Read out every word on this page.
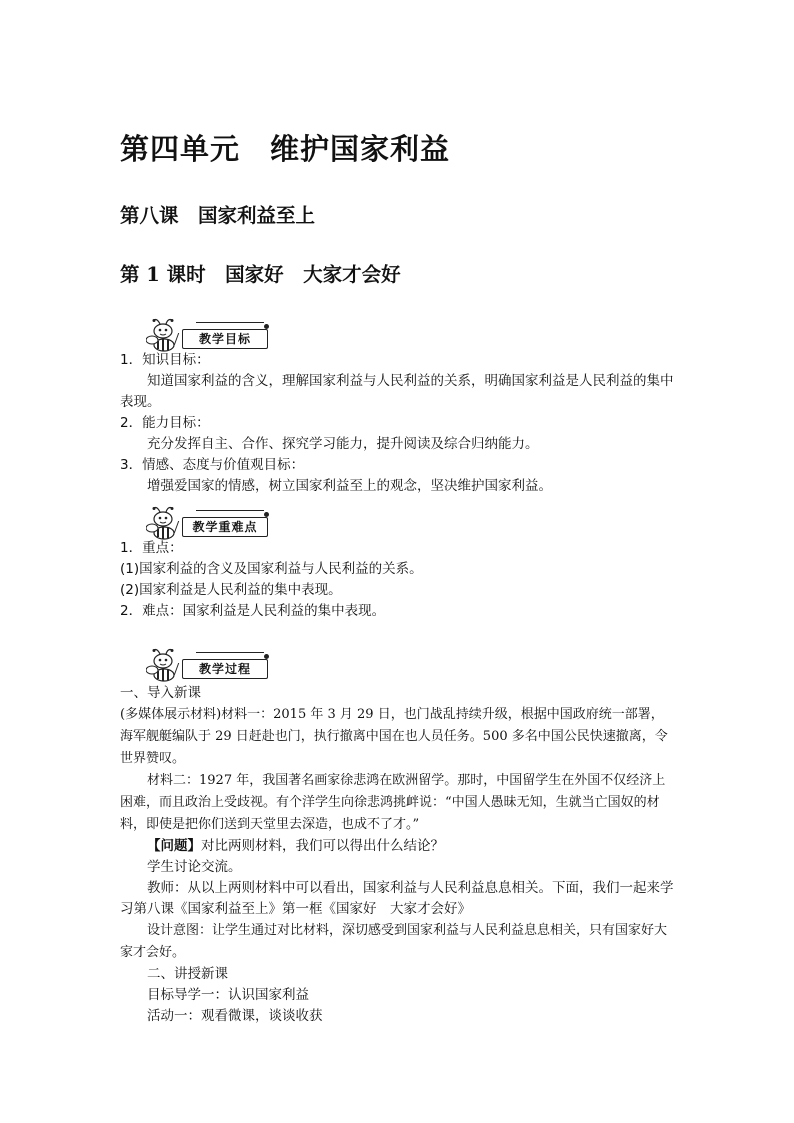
第四单元　维护国家利益
第八课　国家利益至上
第 1 课时　国家好　大家才会好
教学目标

1．知识目标：

知道国家利益的含义，理解国家利益与人民利益的关系，明确国家利益是人民利益的集中表现。

2．能力目标：

充分发挥自主、合作、探究学习能力，提升阅读及综合归纳能力。

3．情感、态度与价值观目标：

增强爱国家的情感，树立国家利益至上的观念，坚决维护国家利益。

教学重难点

1．重点：

(1)国家利益的含义及国家利益与人民利益的关系。

(2)国家利益是人民利益的集中表现。

2．难点：国家利益是人民利益的集中表现。

教学过程

一、导入新课

(多媒体展示材料)材料一：2015 年 3 月 29 日，也门战乱持续升级，根据中国政府统一部署，海军舰艇编队于 29 日赶赴也门，执行撤离中国在也人员任务。500 多名中国公民快速撤离，令世界赞叹。

材料二：1927 年，我国著名画家徐悲鸿在欧洲留学。那时，中国留学生在外国不仅经济上困难，而且政治上受歧视。有个洋学生向徐悲鸿挑衅说：“中国人愚昧无知，生就当亡国奴的材料，即使是把你们送到天堂里去深造，也成不了才。”

【问题】对比两则材料，我们可以得出什么结论？

学生讨论交流。

教师：从以上两则材料中可以看出，国家利益与人民利益息息相关。下面，我们一起来学习第八课《国家利益至上》第一框《国家好　大家才会好》

设计意图：让学生通过对比材料，深切感受到国家利益与人民利益息息相关，只有国家好大家才会好。

二、讲授新课

目标导学一：认识国家利益

活动一：观看微课，谈谈收获
